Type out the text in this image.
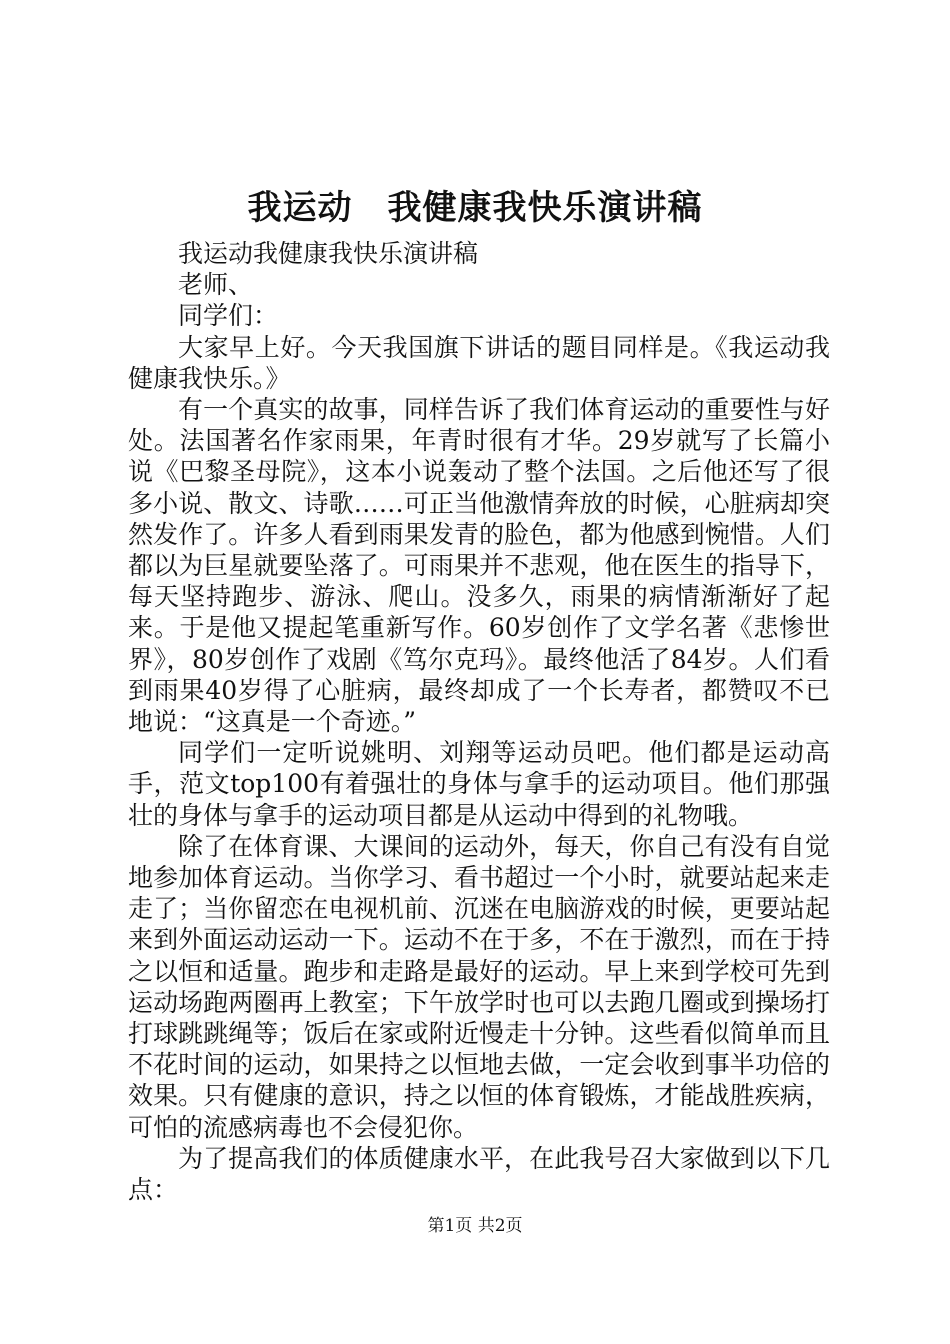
我运动　我健康我快乐演讲稿

我运动我健康我快乐演讲稿

老师、

同学们：

大家早上好。今天我国旗下讲话的题目同样是。《我运动我健康我快乐。》

有一个真实的故事，同样告诉了我们体育运动的重要性与好处。法国著名作家雨果，年青时很有才华。29岁就写了长篇小说《巴黎圣母院》，这本小说轰动了整个法国。之后他还写了很多小说、散文、诗歌……可正当他激情奔放的时候，心脏病却突然发作了。许多人看到雨果发青的脸色，都为他感到惋惜。人们都以为巨星就要坠落了。可雨果并不悲观，他在医生的指导下，每天坚持跑步、游泳、爬山。没多久，雨果的病情渐渐好了起来。于是他又提起笔重新写作。60岁创作了文学名著《悲惨世界》，80岁创作了戏剧《笃尔克玛》。最终他活了84岁。人们看到雨果40岁得了心脏病，最终却成了一个长寿者，都赞叹不已地说：“这真是一个奇迹。”

同学们一定听说姚明、刘翔等运动员吧。他们都是运动高手，范文top100有着强壮的身体与拿手的运动项目。他们那强壮的身体与拿手的运动项目都是从运动中得到的礼物哦。

除了在体育课、大课间的运动外，每天，你自己有没有自觉地参加体育运动。当你学习、看书超过一个小时，就要站起来走走了；当你留恋在电视机前、沉迷在电脑游戏的时候，更要站起来到外面运动运动一下。运动不在于多，不在于激烈，而在于持之以恒和适量。跑步和走路是最好的运动。早上来到学校可先到运动场跑两圈再上教室；下午放学时也可以去跑几圈或到操场打打球跳跳绳等；饭后在家或附近慢走十分钟。这些看似简单而且不花时间的运动，如果持之以恒地去做，一定会收到事半功倍的效果。只有健康的意识，持之以恒的体育锻炼，才能战胜疾病，可怕的流感病毒也不会侵犯你。

为了提高我们的体质健康水平，在此我号召大家做到以下几点：

第1页 共2页
